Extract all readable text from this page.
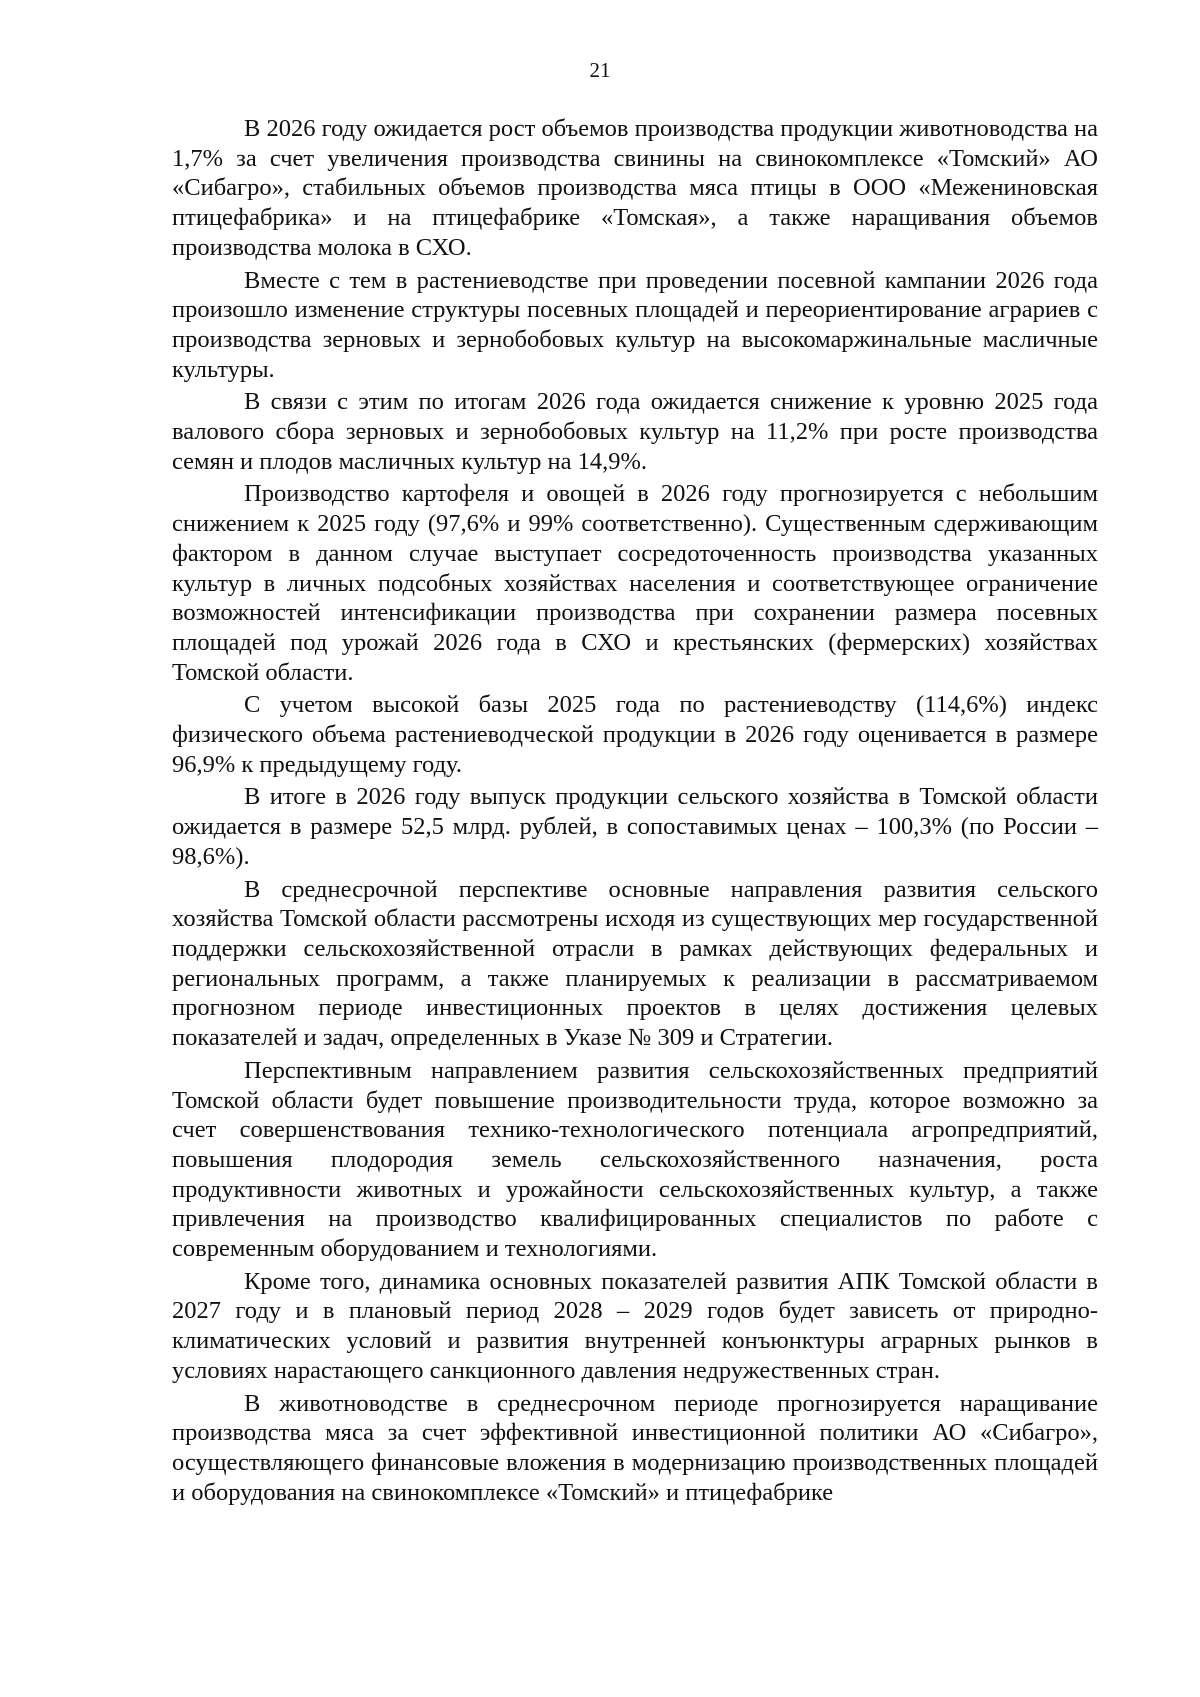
21

В 2026 году ожидается рост объемов производства продукции животноводства на 1,7% за счет увеличения производства свинины на свинокомплексе «Томский» АО «Сибагро», стабильных объемов производства мяса птицы в ООО «Межениновская птицефабрика» и на птицефабрике «Томская», а также наращивания объемов производства молока в СХО.

Вместе с тем в растениеводстве при проведении посевной кампании 2026 года произошло изменение структуры посевных площадей и переориентирование аграриев с производства зерновых и зернобобовых культур на высокомаржинальные масличные культуры.

В связи с этим по итогам 2026 года ожидается снижение к уровню 2025 года валового сбора зерновых и зернобобовых культур на 11,2% при росте производства семян и плодов масличных культур на 14,9%.

Производство картофеля и овощей в 2026 году прогнозируется с небольшим снижением к 2025 году (97,6% и 99% соответственно). Существенным сдерживающим фактором в данном случае выступает сосредоточенность производства указанных культур в личных подсобных хозяйствах населения и соответствующее ограничение возможностей интенсификации производства при сохранении размера посевных площадей под урожай 2026 года в СХО и крестьянских (фермерских) хозяйствах Томской области.

С учетом высокой базы 2025 года по растениеводству (114,6%) индекс физического объема растениеводческой продукции в 2026 году оценивается в размере 96,9% к предыдущему году.

В итоге в 2026 году выпуск продукции сельского хозяйства в Томской области ожидается в размере 52,5 млрд. рублей, в сопоставимых ценах – 100,3% (по России – 98,6%).

В среднесрочной перспективе основные направления развития сельского хозяйства Томской области рассмотрены исходя из существующих мер государственной поддержки сельскохозяйственной отрасли в рамках действующих федеральных и региональных программ, а также планируемых к реализации в рассматриваемом прогнозном периоде инвестиционных проектов в целях достижения целевых показателей и задач, определенных в Указе № 309 и Стратегии.

Перспективным направлением развития сельскохозяйственных предприятий Томской области будет повышение производительности труда, которое возможно за счет совершенствования технико-технологического потенциала агропредприятий, повышения плодородия земель сельскохозяйственного назначения, роста продуктивности животных и урожайности сельскохозяйственных культур, а также привлечения на производство квалифицированных специалистов по работе с современным оборудованием и технологиями.

Кроме того, динамика основных показателей развития АПК Томской области в 2027 году и в плановый период 2028 – 2029 годов будет зависеть от природно-климатических условий и развития внутренней конъюнктуры аграрных рынков в условиях нарастающего санкционного давления недружественных стран.

В животноводстве в среднесрочном периоде прогнозируется наращивание производства мяса за счет эффективной инвестиционной политики АО «Сибагро», осуществляющего финансовые вложения в модернизацию производственных площадей и оборудования на свинокомплексе «Томский» и птицефабрике
